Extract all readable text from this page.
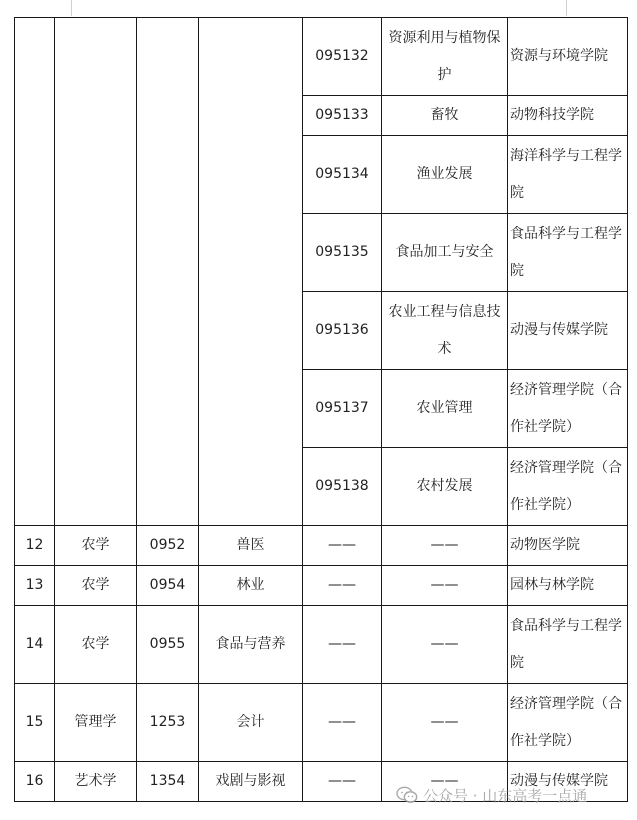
				095132	资源利用与植物保护	资源与环境学院
				095133	畜牧	动物科技学院
				095134	渔业发展	海洋科学与工程学院

				095135	食品加工与安全	食品科学与工程学院

				095136	农业工程与信息技术	动漫与传媒学院
				095137	农业管理	经济管理学院（合作社学院）

				095138	农村发展	经济管理学院（合作社学院）

12	农学	0952	兽医	——	——	动物医学院
13	农学	0954	林业	——	——	园林与林学院
14	农学	0955	食品与营养	——	——	食品科学与工程学院

15	管理学	1253	会计	——	——	经济管理学院（合作社学院）

16	艺术学	1354	戏剧与影视	——	——	动漫与传媒学院
公众号 · 山东高考一点通
